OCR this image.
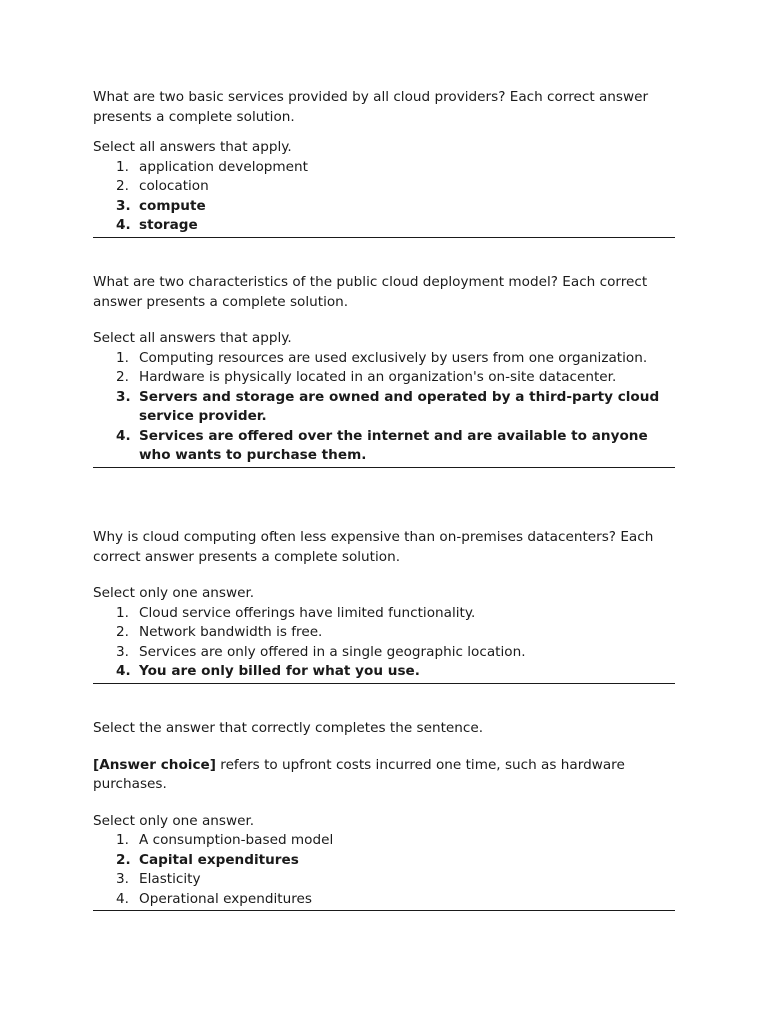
What are two basic services provided by all cloud providers? Each correct answer presents a complete solution.

Select all answers that apply.

1. application development
2. colocation
3. compute
4. storage

What are two characteristics of the public cloud deployment model? Each correct answer presents a complete solution.

Select all answers that apply.

1. Computing resources are used exclusively by users from one organization.
2. Hardware is physically located in an organization's on-site datacenter.
3. Servers and storage are owned and operated by a third-party cloud service provider.
4. Services are offered over the internet and are available to anyone who wants to purchase them.

Why is cloud computing often less expensive than on-premises datacenters? Each correct answer presents a complete solution.

Select only one answer.

1. Cloud service offerings have limited functionality.
2. Network bandwidth is free.
3. Services are only offered in a single geographic location.
4. You are only billed for what you use.

Select the answer that correctly completes the sentence.

[Answer choice] refers to upfront costs incurred one time, such as hardware purchases.

Select only one answer.

1. A consumption-based model
2. Capital expenditures
3. Elasticity
4. Operational expenditures
